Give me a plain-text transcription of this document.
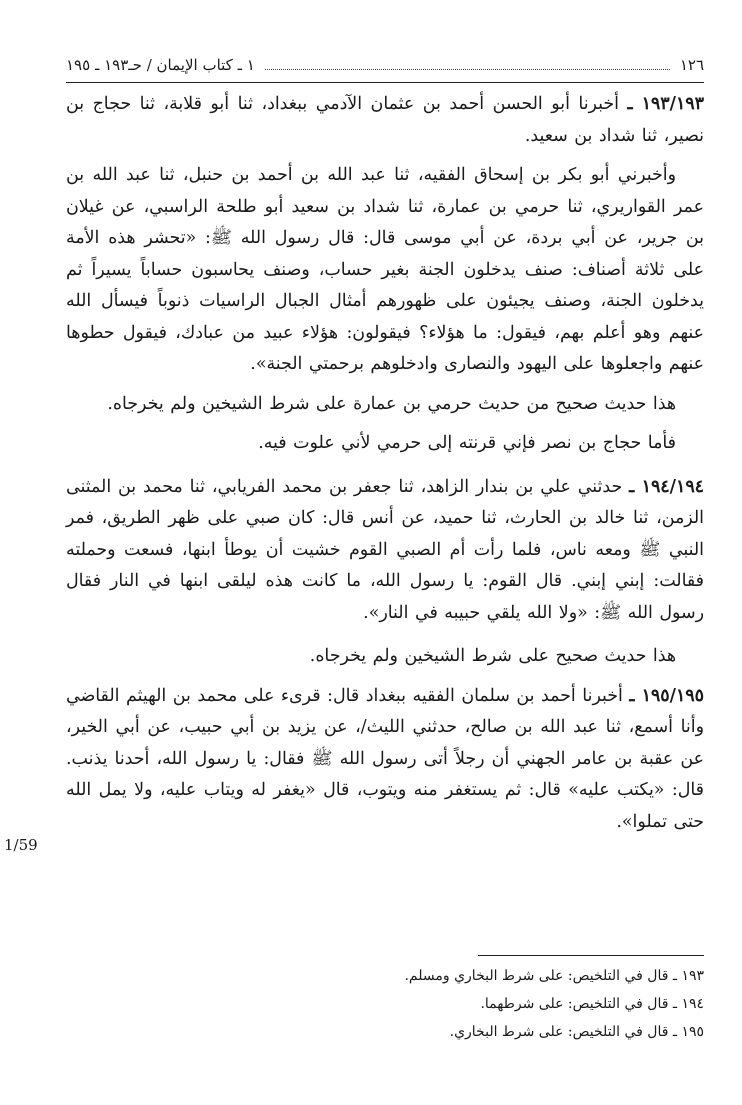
١٢٦
١ ـ كتاب الإيمان / حـ١٩٣ ـ ١٩٥

١٩٣/١٩٣ ـ أخبرنا أبو الحسن أحمد بن عثمان الآدمي ببغداد، ثنا أبو قلابة، ثنا حجاج بن نصير، ثنا شداد بن سعيد.

وأخبرني أبو بكر بن إسحاق الفقيه، ثنا عبد الله بن أحمد بن حنبل، ثنا عبد الله بن عمر القواريري، ثنا حرمي بن عمارة، ثنا شداد بن سعيد أبو طلحة الراسبي، عن غيلان بن جرير، عن أبي بردة، عن أبي موسى قال: قال رسول الله ﷺ: «تحشر هذه الأمة على ثلاثة أصناف: صنف يدخلون الجنة بغير حساب، وصنف يحاسبون حساباً يسيراً ثم يدخلون الجنة، وصنف يجيئون على ظهورهم أمثال الجبال الراسيات ذنوباً فيسأل الله عنهم وهو أعلم بهم، فيقول: ما هؤلاء؟ فيقولون: هؤلاء عبيد من عبادك، فيقول حطوها عنهم واجعلوها على اليهود والنصارى وادخلوهم برحمتي الجنة».

هذا حديث صحيح من حديث حرمي بن عمارة على شرط الشيخين ولم يخرجاه.

فأما حجاج بن نصر فإني قرنته إلى حرمي لأني علوت فيه.

١٩٤/١٩٤ ـ حدثني علي بن بندار الزاهد، ثنا جعفر بن محمد الفريابي، ثنا محمد بن المثنى الزمن، ثنا خالد بن الحارث، ثنا حميد، عن أنس قال: كان صبي على ظهر الطريق، فمر النبي ﷺ ومعه ناس، فلما رأت أم الصبي القوم خشيت أن يوطأ ابنها، فسعت وحملته فقالت: إبني إبني. قال القوم: يا رسول الله، ما كانت هذه ليلقى ابنها في النار فقال رسول الله ﷺ: «ولا الله يلقي حبيبه في النار».

هذا حديث صحيح على شرط الشيخين ولم يخرجاه.

١٩٥/١٩٥ ـ أخبرنا أحمد بن سلمان الفقيه ببغداد قال: قرىء على محمد بن الهيثم القاضي وأنا أسمع، ثنا عبد الله بن صالح، حدثني الليث/، عن يزيد بن أبي حبيب، عن أبي الخير، عن عقبة بن عامر الجهني أن رجلاً أتى رسول الله ﷺ فقال: يا رسول الله، أحدنا يذنب. قال: «يكتب عليه» قال: ثم يستغفر منه ويتوب، قال «يغفر له ويتاب عليه، ولا يمل الله حتى تملوا».

1/59

١٩٣ ـ قال في التلخيص: على شرط البخاري ومسلم.

١٩٤ ـ قال في التلخيص: على شرطهما.

١٩٥ ـ قال في التلخيص: على شرط البخاري.
